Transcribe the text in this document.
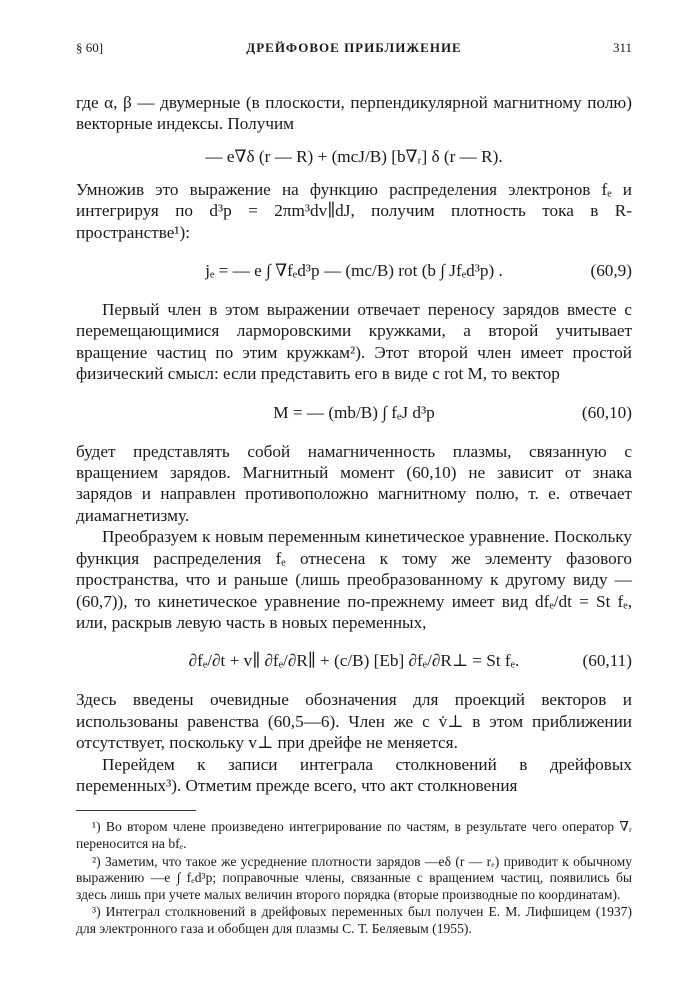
§ 60]	ДРЕЙФОВОЕ ПРИБЛИЖЕНИЕ	311

где α, β — двумерные (в плоскости, перпендикулярной магнитному полю) векторные индексы. Получим

— e∇δ (r — R) + (mcJ/B) [b∇ᵣ] δ (r — R).

Умножив это выражение на функцию распределения электронов fₑ и интегрируя по d³p = 2πm³dv∥dJ, получим плотность тока в R-пространстве¹):

jₑ = — e ∫ ∇fₑd³p — (mc/B) rot (b ∫ Jfₑd³p) .	(60,9)

Первый член в этом выражении отвечает переносу зарядов вместе с перемещающимися ларморовскими кружками, а второй учитывает вращение частиц по этим кружкам²). Этот второй член имеет простой физический смысл: если представить его в виде c rot M, то вектор

M = — (mb/B) ∫ fₑJ d³p	(60,10)

будет представлять собой намагниченность плазмы, связанную с вращением зарядов. Магнитный момент (60,10) не зависит от знака зарядов и направлен противоположно магнитному полю, т. е. отвечает диамагнетизму.

Преобразуем к новым переменным кинетическое уравнение. Поскольку функция распределения fₑ отнесена к тому же элементу фазового пространства, что и раньше (лишь преобразованному к другому виду — (60,7)), то кинетическое уравнение по-прежнему имеет вид dfₑ/dt = St fₑ, или, раскрыв левую часть в новых переменных,

∂fₑ/∂t + v∥ ∂fₑ/∂R∥ + (c/B) [Eb] ∂fₑ/∂R⊥ = St fₑ.	(60,11)

Здесь введены очевидные обозначения для проекций векторов и использованы равенства (60,5—6). Член же с v̇⊥ в этом приближении отсутствует, поскольку v⊥ при дрейфе не меняется.

Перейдем к записи интеграла столкновений в дрейфовых переменных³). Отметим прежде всего, что акт столкновения

¹) Во втором члене произведено интегрирование по частям, в результате чего оператор ∇ᵣ переносится на bfₑ.

²) Заметим, что такое же усреднение плотности зарядов —eδ (r — rₑ) приводит к обычному выражению —e ∫ fₑd³p; поправочные члены, связанные с вращением частиц, появились бы здесь лишь при учете малых величин второго порядка (вторые производные по координатам).

³) Интеграл столкновений в дрейфовых переменных был получен Е. М. Лифшицем (1937) для электронного газа и обобщен для плазмы С. Т. Беляевым (1955).
